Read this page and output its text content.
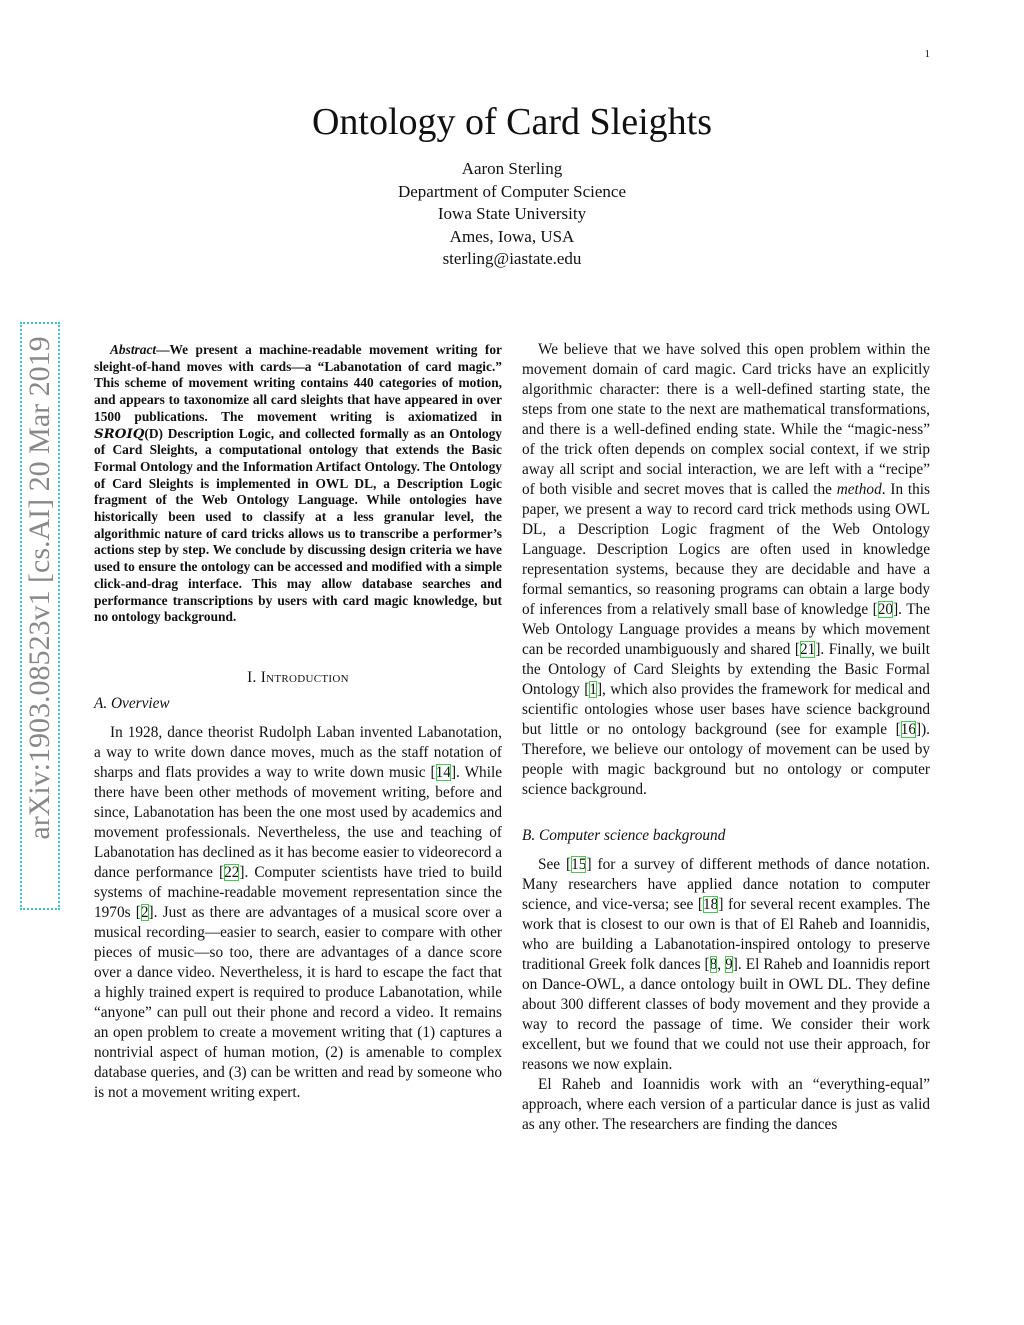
1
Ontology of Card Sleights
Aaron Sterling
Department of Computer Science
Iowa State University
Ames, Iowa, USA
sterling@iastate.edu
arXiv:1903.08523v1 [cs.AI] 20 Mar 2019	Abstract—We present a machine-readable movement writing for sleight-of-hand moves with cards—a “Labanotation of card magic.” This scheme of movement writing contains 440 categories of motion, and appears to taxonomize all card sleights that have appeared in over 1500 publications. The movement writing is axiomatized in SROIQ(D) Description Logic, and collected formally as an Ontology of Card Sleights, a computational ontology that extends the Basic Formal Ontology and the Information Artifact Ontology. The Ontology of Card Sleights is implemented in OWL DL, a Description Logic fragment of the Web Ontology Language. While ontologies have historically been used to classify at a less granular level, the algorithmic nature of card tricks allows us to transcribe a performer’s actions step by step. We conclude by discussing design criteria we have used to ensure the ontology can be accessed and modified with a simple click-and-drag interface. This may allow database searches and performance transcriptions by users with card magic knowledge, but no ontology background.

I. Introduction
A. Overview

In 1928, dance theorist Rudolph Laban invented Labanotation, a way to write down dance moves, much as the staff notation of sharps and flats provides a way to write down music [14]. While there have been other methods of movement writing, before and since, Labanotation has been the one most used by academics and movement professionals. Nevertheless, the use and teaching of Labanotation has declined as it has become easier to videorecord a dance performance [22]. Computer scientists have tried to build systems of machine-readable movement representation since the 1970s [2]. Just as there are advantages of a musical score over a musical recording—easier to search, easier to compare with other pieces of music—so too, there are advantages of a dance score over a dance video. Nevertheless, it is hard to escape the fact that a highly trained expert is required to produce Labanotation, while “anyone” can pull out their phone and record a video. It remains an open problem to create a movement writing that (1) captures a nontrivial aspect of human motion, (2) is amenable to complex database queries, and (3) can be written and read by someone who is not a movement writing expert.

We believe that we have solved this open problem within the movement domain of card magic. Card tricks have an explicitly algorithmic character: there is a well-defined starting state, the steps from one state to the next are mathematical transformations, and there is a well-defined ending state. While the “magic-ness” of the trick often depends on complex social context, if we strip away all script and social interaction, we are left with a “recipe” of both visible and secret moves that is called the method. In this paper, we present a way to record card trick methods using OWL DL, a Description Logic fragment of the Web Ontology Language. Description Logics are often used in knowledge representation systems, because they are decidable and have a formal semantics, so reasoning programs can obtain a large body of inferences from a relatively small base of knowledge [20]. The Web Ontology Language provides a means by which movement can be recorded unambiguously and shared [21]. Finally, we built the Ontology of Card Sleights by extending the Basic Formal Ontology [1], which also provides the framework for medical and scientific ontologies whose user bases have science background but little or no ontology background (see for example [16]). Therefore, we believe our ontology of movement can be used by people with magic background but no ontology or computer science background.

B. Computer science background

See [15] for a survey of different methods of dance notation. Many researchers have applied dance notation to computer science, and vice-versa; see [18] for several recent examples. The work that is closest to our own is that of El Raheb and Ioannidis, who are building a Labanotation-inspired ontology to preserve traditional Greek folk dances [8, 9]. El Raheb and Ioannidis report on Dance-OWL, a dance ontology built in OWL DL. They define about 300 different classes of body movement and they provide a way to record the passage of time. We consider their work excellent, but we found that we could not use their approach, for reasons we now explain.

El Raheb and Ioannidis work with an “everything-equal” approach, where each version of a particular dance is just as valid as any other. The researchers are finding the dances
